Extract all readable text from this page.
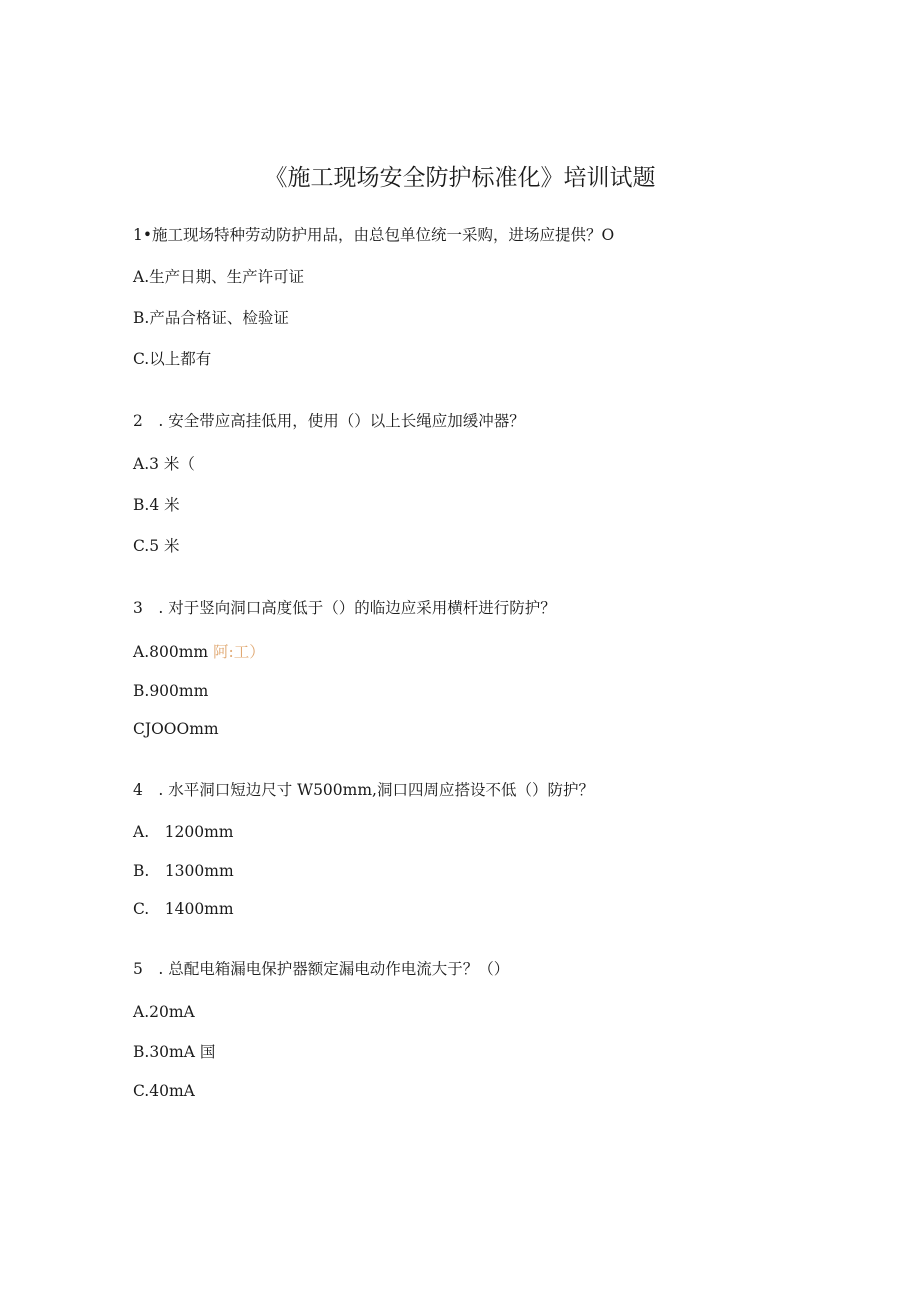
《施工现场安全防护标准化》培训试题
1•施工现场特种劳动防护用品，由总包单位统一采购，进场应提供？O
A.生产日期、生产许可证
B.产品合格证、检验证
C.以上都有
2　. 安全带应高挂低用，使用（）以上长绳应加缓冲器？
A.3 米（
B.4 米
C.5 米
3　. 对于竖向洞口高度低于（）的临边应采用横杆进行防护？
A.800mm 阿:工）
B.900mm
CJOOOmm
4　. 水平洞口短边尺寸 W500mm,洞口四周应搭设不低（）防护？
A. 1200mm
B. 1300mm
C. 1400mm
5　. 总配电箱漏电保护器额定漏电动作电流大于？（）
A.20mA
B.30mA 国
C.40mA
